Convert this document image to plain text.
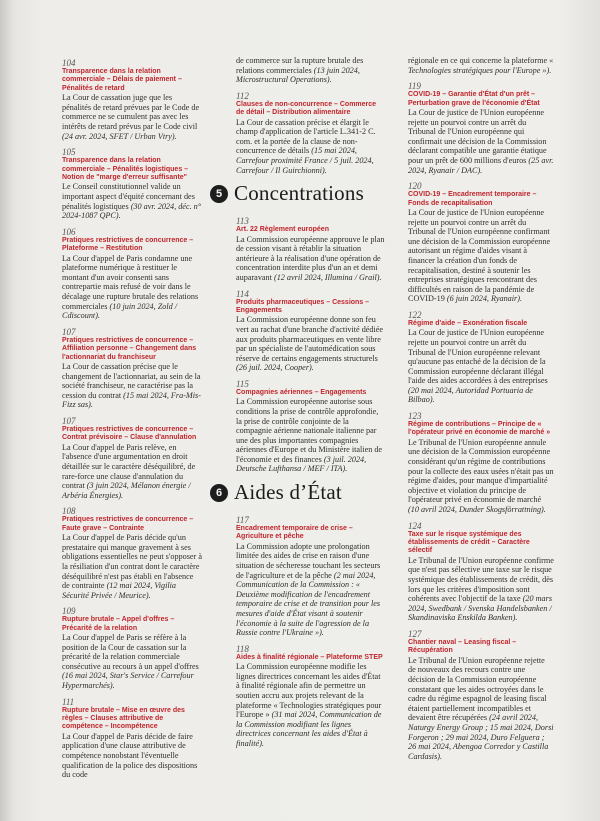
104
Transparence dans la relation commerciale – Délais de paiement – Pénalités de retard
La Cour de cassation juge que les pénalités de retard prévues par le Code de commerce ne se cumulent pas avec les intérêts de retard prévus par le Code civil (24 avr. 2024, SFET / Urban Vtry).
105
Transparence dans la relation commerciale – Pénalités logistiques – Notion de "marge d'erreur suffisante"
Le Conseil constitutionnel valide un important aspect d'équité concernant des pénalités logistiques (30 avr. 2024, déc. n° 2024-1087 QPC).
106
Pratiques restrictives de concurrence – Plateforme – Restitution
La Cour d'appel de Paris condamne une plateforme numérique à restituer le montant d'un avoir consenti sans contrepartie mais refusé de voir dans le décalage une rupture brutale des relations commerciales (10 juin 2024, Zold / Cdiscount).
107
Pratiques restrictives de concurrence – Affiliation personne – Changement dans l'actionnariat du franchiseur
La Cour de cassation précise que le changement de l'actionnariat, au sein de la société franchiseur, ne caractérise pas la cession du contrat (15 mai 2024, Fra-Mis-Fizz sas).
107
Pratiques restrictives de concurrence – Contrat prévisoire – Clause d'annulation
La Cour d'appel de Paris relève, en l'absence d'une argumentation en droit détaillée sur le caractère déséquilibré, de rare-force une clause d'annulation du contrat (3 juin 2024, Mélanon énergie / Arbéria Énergies).
108
Pratiques restrictives de concurrence – Faute grave – Contrainte
La Cour d'appel de Paris décide qu'un prestataire qui manque gravement à ses obligations essentielles ne peut s'opposer à la résiliation d'un contrat dont le caractère déséquilibré n'est pas établi en l'absence de contrainte (12 mai 2024, Vigilia Sécurité Privée / Meurice).
109
Rupture brutale – Appel d'offres – Précarité de la relation
La Cour d'appel de Paris se réfère à la position de la Cour de cassation sur la précarité de la relation commerciale consécutive au recours à un appel d'offres (16 mai 2024, Star's Service / Carrefour Hypermarchés).
111
Rupture brutale – Mise en œuvre des règles – Clauses attributive de compétence – Incompétence
La Cour d'appel de Paris décide de faire application d'une clause attributive de compétence nonobstant l'éventuelle qualification de la police des dispositions du code
de commerce sur la rupture brutale des relations commerciales (13 juin 2024, Microstructural Operations).
112
Clauses de non-concurrence – Commerce de détail – Distribution alimentaire
La Cour de cassation précise et élargit le champ d'application de l'article L.341-2 C. com. et la portée de la clause de non-concurrence de détails (15 mai 2024, Carrefour proximité France / 5 juil. 2024, Carrefour / Il Guirchionni).
5 Concentrations
113
Art. 22 Règlement européen
La Commission européenne approuve le plan de cession visant à rétablir la situation antérieure à la réalisation d'une opération de concentration interdite plus d'un an et demi auparavant (12 avril 2024, Illumina / Grail).
114
Produits pharmaceutiques – Cessions – Engagements
La Commission européenne donne son feu vert au rachat d'une branche d'activité dédiée aux produits pharmaceutiques en vente libre par un spécialiste de l'automédication sous réserve de certains engagements structurels (26 juil. 2024, Cooper).
115
Compagnies aériennes – Engagements
La Commission européenne autorise sous conditions la prise de contrôle approfondie, la prise de contrôle conjointe de la compagnie aérienne nationale italienne par une des plus importantes compagnies aériennes d'Europe et du Ministère italien de l'économie et des finances (3 juil. 2024, Deutsche Lufthansa / MEF / ITA).
6 Aides d’État
117
Encadrement temporaire de crise – Agriculture et pêche
La Commission adopte une prolongation limitée des aides de crise en raison d'une situation de sécheresse touchant les secteurs de l'agriculture et de la pêche (2 mai 2024, Communication de la Commission : « Deuxième modification de l'encadrement temporaire de crise et de transition pour les mesures d'aide d'État visant à soutenir l'économie à la suite de l'agression de la Russie contre l'Ukraine »).
118
Aides à finalité régionale – Plateforme STEP
La Commission européenne modifie les lignes directrices concernant les aides d'État à finalité régionale afin de permettre un soutien accru aux projets relevant de la plateforme « Technologies stratégiques pour l'Europe » (31 mai 2024, Communication de la Commission modifiant les lignes directrices concernant les aides d'État à finalité).
régionale en ce qui concerne la plateforme « Technologies stratégiques pour l'Europe »).
119
COVID-19 – Garantie d'État d'un prêt – Perturbation grave de l'économie d'État
La Cour de justice de l'Union européenne rejette un pourvoi contre un arrêt du Tribunal de l'Union européenne qui confirmait une décision de la Commission déclarant compatible une garantie étatique pour un prêt de 600 millions d'euros (25 avr. 2024, Ryanair / DAC).
120
COVID-19 – Encadrement temporaire – Fonds de recapitalisation
La Cour de justice de l'Union européenne rejette un pourvoi contre un arrêt du Tribunal de l'Union européenne confirmant une décision de la Commission européenne autorisant un régime d'aides visant à financer la création d'un fonds de recapitalisation, destiné à soutenir les entreprises stratégiques rencontrant des difficultés en raison de la pandémie de COVID-19 (6 juin 2024, Ryanair).
122
Régime d'aide – Exonération fiscale
La Cour de justice de l'Union européenne rejette un pourvoi contre un arrêt du Tribunal de l'Union européenne relevant qu'aucune pas entaché de la décision de la Commission européenne déclarant illégal l'aide des aides accordées à des entreprises (20 mai 2024, Autoridad Portuaria de Bilbao).
123
Régime de contributions – Principe de « l'opérateur privé en économie de marché »
Le Tribunal de l'Union européenne annule une décision de la Commission européenne considérant qu'un régime de contributions pour la collecte des eaux usées n'était pas un régime d'aides, pour manque d'impartialité objective et violation du principe de l'opérateur privé en économie de marché (10 avril 2024, Dunder Skogsförrattning).
124
Taxe sur le risque systémique des établissements de crédit – Caractère sélectif
Le Tribunal de l'Union européenne confirme que n'est pas sélective une taxe sur le risque systémique des établissements de crédit, dès lors que les critères d'imposition sont cohérents avec l'objectif de la taxe (20 mars 2024, Swedbank / Svenska Handelsbanken / Skandinaviska Enskilda Banken).
127
Chantier naval – Leasing fiscal – Récupération
Le Tribunal de l'Union européenne rejette de nouveaux des recours contre une décision de la Commission européenne constatant que les aides octroyées dans le cadre du régime espagnol de leasing fiscal étaient partiellement incompatibles et devaient être récupérées (24 avril 2024, Naturgy Energy Group ; 15 mai 2024, Dorsi Forgeron ; 29 mai 2024, Duro Felguera ; 26 mai 2024, Abengoa Corredor y Castilla Cardasis).
